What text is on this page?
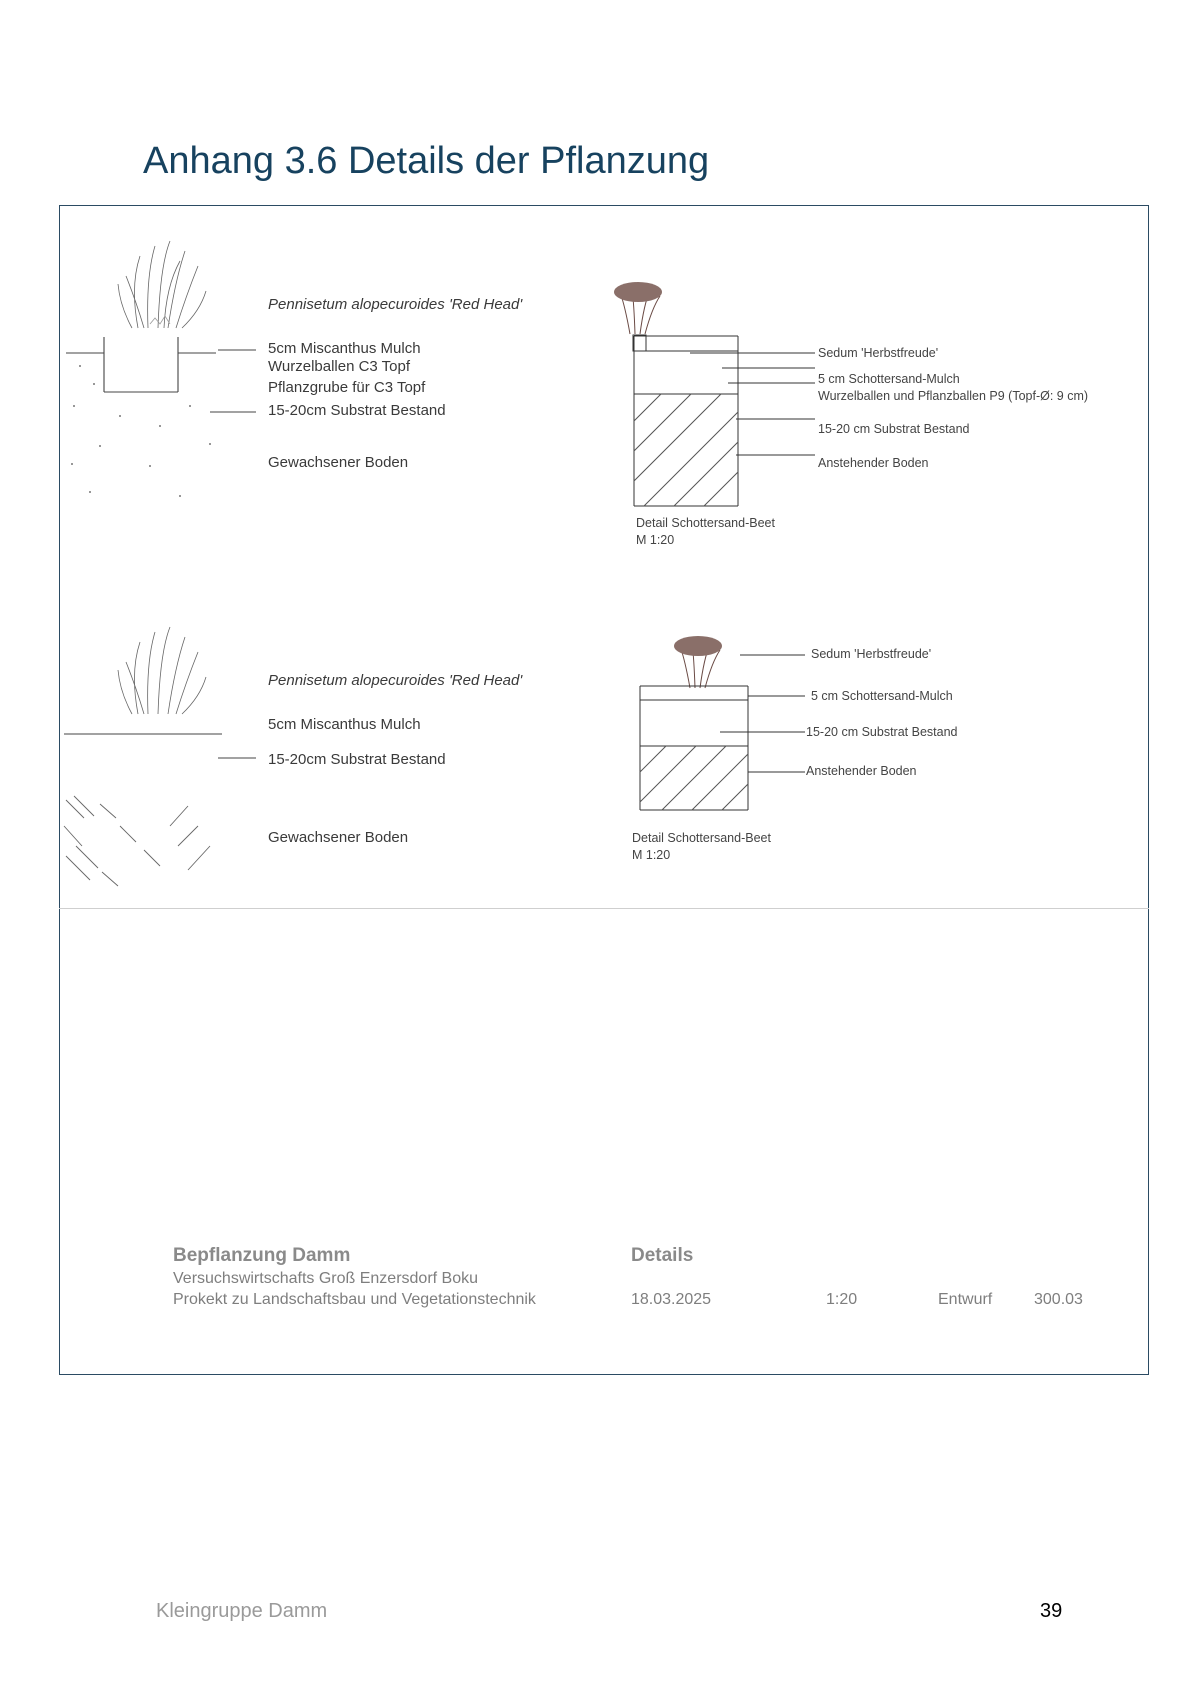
Anhang 3.6 Details der Pflanzung
Pennisetum alopecuroides 'Red Head'
5cm Miscanthus Mulch
Wurzelballen C3 Topf
Pflanzgrube für C3 Topf
15-20cm Substrat Bestand
Gewachsener Boden
Pennisetum alopecuroides 'Red Head'
5cm Miscanthus Mulch
15-20cm Substrat Bestand
Gewachsener Boden
Sedum 'Herbstfreude'
5 cm Schottersand-Mulch
Wurzelballen und Pflanzballen P9 (Topf-Ø: 9 cm)
15-20 cm Substrat Bestand
Anstehender Boden
Detail Schottersand-Beet
M 1:20
Sedum 'Herbstfreude'
5 cm Schottersand-Mulch
15-20 cm Substrat Bestand
Anstehender Boden
Detail Schottersand-Beet
M 1:20
Bepflanzung Damm
Versuchswirtschafts Groß Enzersdorf Boku
Prokekt zu Landschaftsbau und Vegetationstechnik
Details
18.03.2025	1:20	Entwurf	300.03
Kleingruppe Damm	39
